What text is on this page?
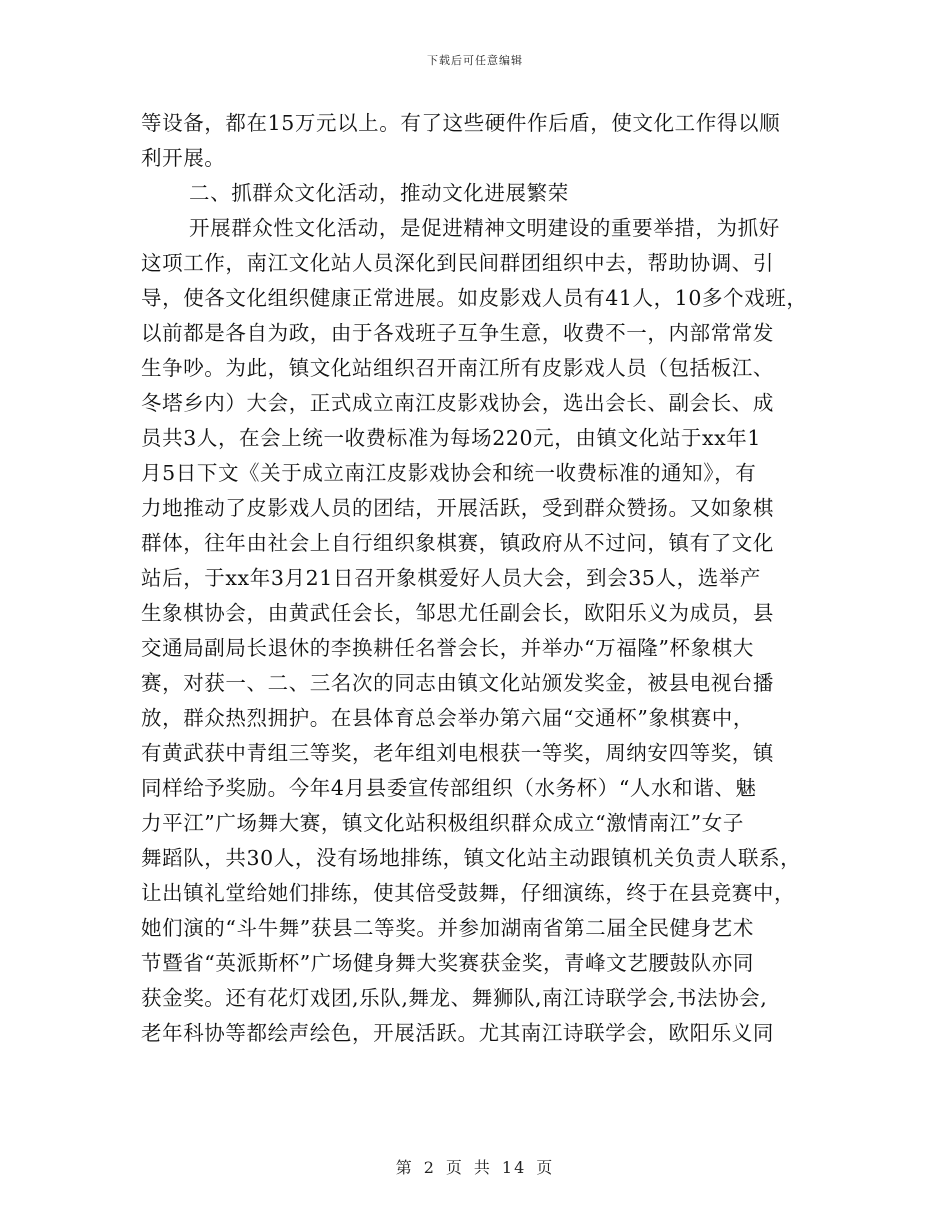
下载后可任意编辑
等设备，都在15万元以上。有了这些硬件作后盾，使文化工作得以顺
利开展。
二、抓群众文化活动，推动文化进展繁荣
开展群众性文化活动，是促进精神文明建设的重要举措，为抓好
这项工作，南江文化站人员深化到民间群团组织中去，帮助协调、引
导，使各文化组织健康正常进展。如皮影戏人员有41人，10多个戏班，
以前都是各自为政，由于各戏班子互争生意，收费不一，内部常常发
生争吵。为此，镇文化站组织召开南江所有皮影戏人员（包括板江、
冬塔乡内）大会，正式成立南江皮影戏协会，选出会长、副会长、成
员共3人，在会上统一收费标准为每场220元，由镇文化站于xx年1
月5日下文《关于成立南江皮影戏协会和统一收费标准的通知》，有
力地推动了皮影戏人员的团结，开展活跃，受到群众赞扬。又如象棋
群体，往年由社会上自行组织象棋赛，镇政府从不过问，镇有了文化
站后，于xx年3月21日召开象棋爱好人员大会，到会35人，选举产
生象棋协会，由黄武任会长，邹思尤任副会长，欧阳乐义为成员，县
交通局副局长退休的李换耕任名誉会长，并举办“万福隆”杯象棋大
赛，对获一、二、三名次的同志由镇文化站颁发奖金，被县电视台播
放，群众热烈拥护。在县体育总会举办第六届“交通杯”象棋赛中，
有黄武获中青组三等奖，老年组刘电根获一等奖，周纳安四等奖，镇
同样给予奖励。今年4月县委宣传部组织（水务杯）“人水和谐、魅
力平江”广场舞大赛，镇文化站积极组织群众成立“激情南江”女子
舞蹈队，共30人，没有场地排练，镇文化站主动跟镇机关负责人联系，
让出镇礼堂给她们排练，使其倍受鼓舞，仔细演练，终于在县竞赛中，
她们演的“斗牛舞”获县二等奖。并参加湖南省第二届全民健身艺术
节暨省“英派斯杯”广场健身舞大奖赛获金奖，青峰文艺腰鼓队亦同
获金奖。还有花灯戏团,乐队,舞龙、舞狮队,南江诗联学会,书法协会,
老年科协等都绘声绘色，开展活跃。尤其南江诗联学会，欧阳乐义同
第 2 页 共 14 页
